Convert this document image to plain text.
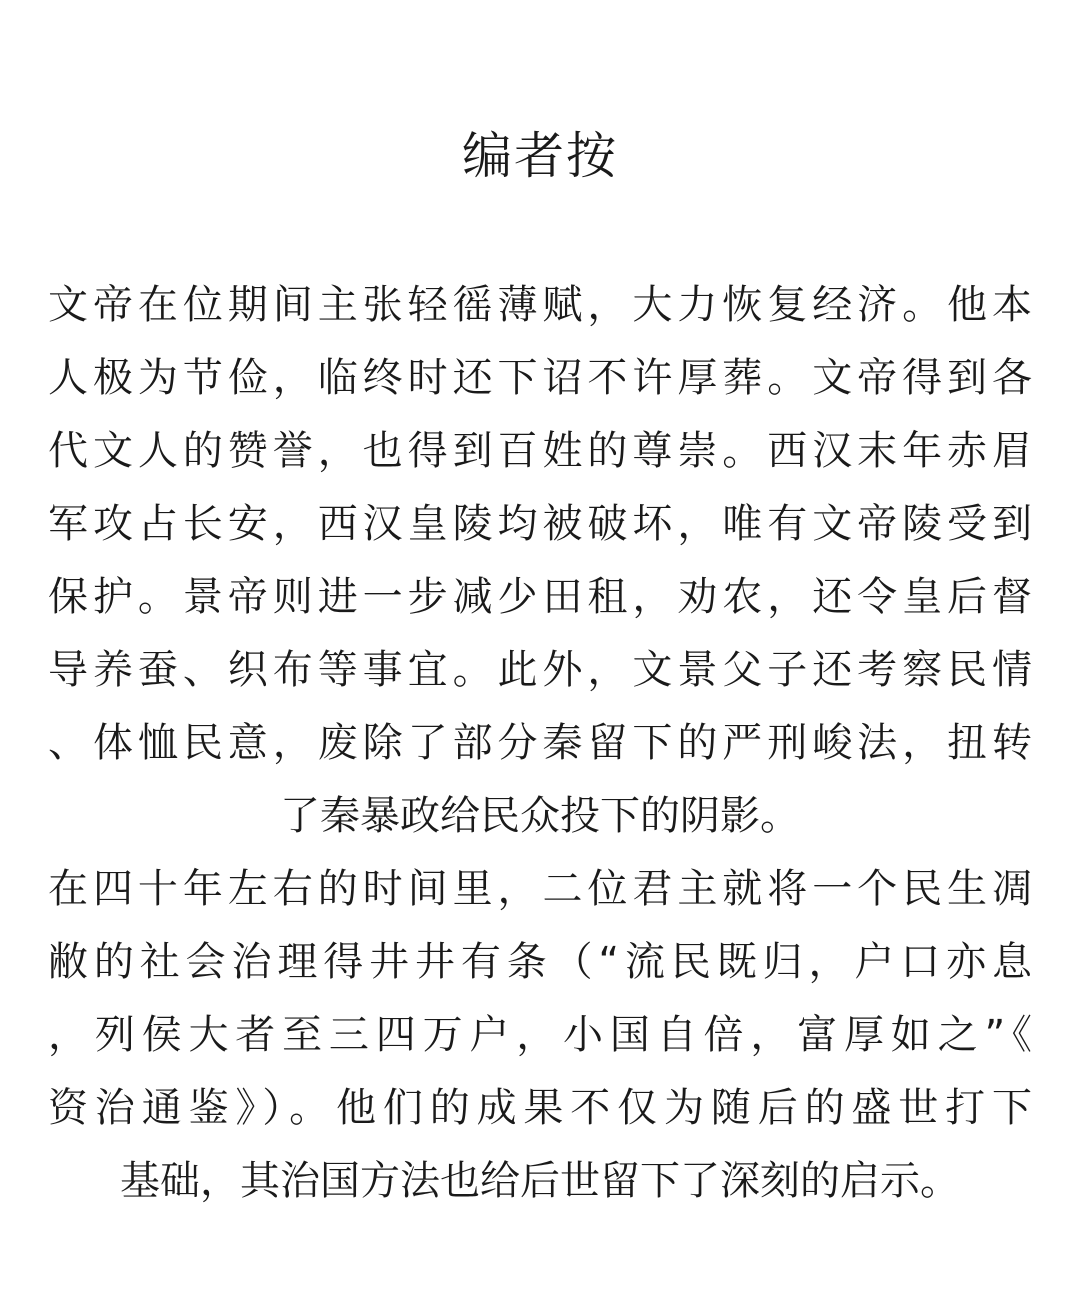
编者按

文帝在位期间主张轻徭薄赋，大力恢复经济。他本

人极为节俭，临终时还下诏不许厚葬。文帝得到各

代文人的赞誉，也得到百姓的尊崇。西汉末年赤眉

军攻占长安，西汉皇陵均被破坏，唯有文帝陵受到

保护。景帝则进一步减少田租，劝农，还令皇后督

导养蚕、织布等事宜。此外，文景父子还考察民情

、体恤民意，废除了部分秦留下的严刑峻法，扭转

了秦暴政给民众投下的阴影。

在四十年左右的时间里，二位君主就将一个民生凋

敝的社会治理得井井有条（“流民既归，户口亦息

，列侯大者至三四万户，小国自倍，富厚如之”《

资治通鉴》）。他们的成果不仅为随后的盛世打下

基础，其治国方法也给后世留下了深刻的启示。
